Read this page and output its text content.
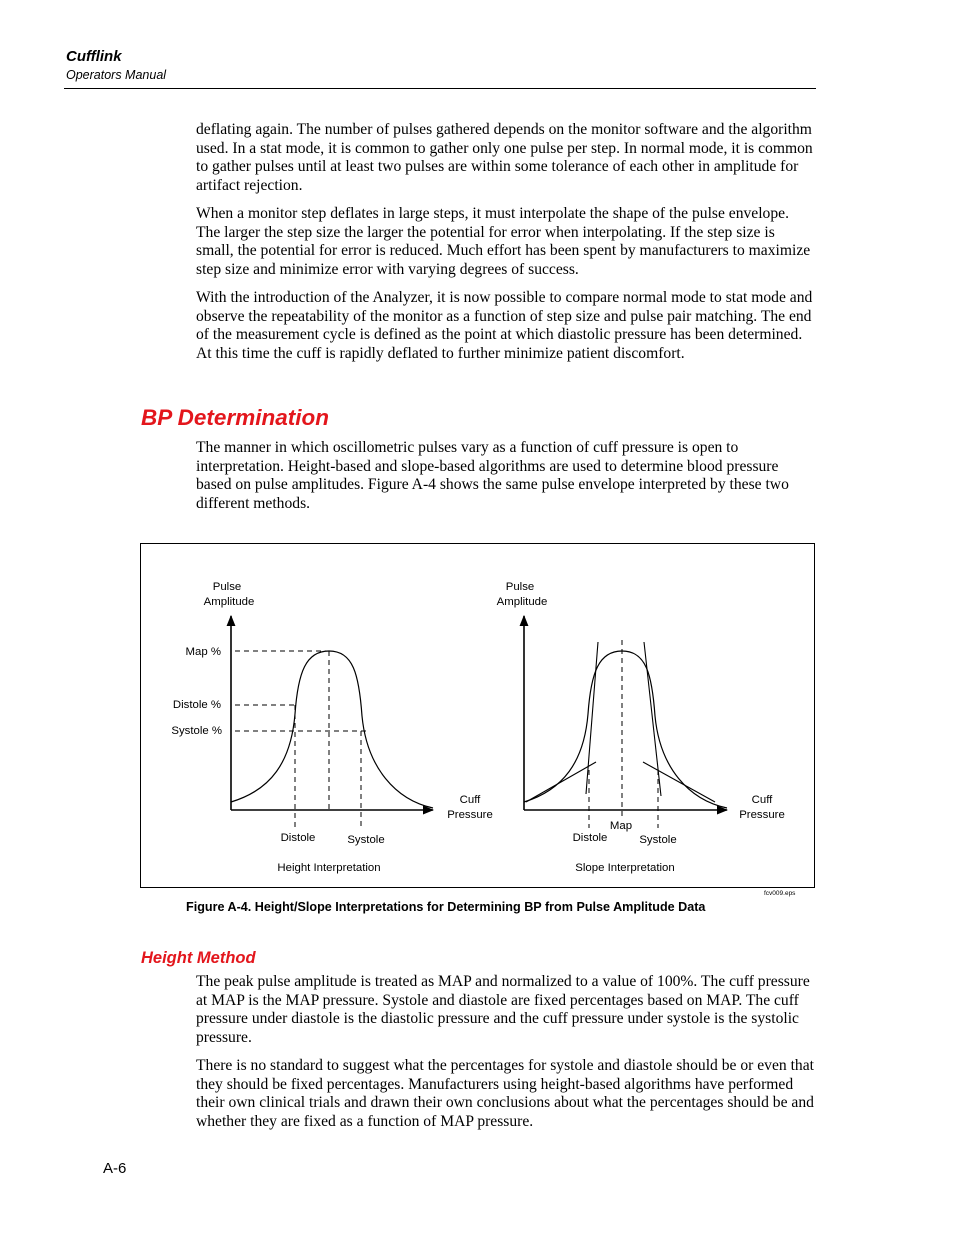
Cufflink
Operators Manual

deflating again. The number of pulses gathered depends on the monitor software and the algorithm used. In a stat mode, it is common to gather only one pulse per step. In normal mode, it is common to gather pulses until at least two pulses are within some tolerance of each other in amplitude for artifact rejection.

When a monitor step deflates in large steps, it must interpolate the shape of the pulse envelope. The larger the step size the larger the potential for error when interpolating. If the step size is small, the potential for error is reduced. Much effort has been spent by manufacturers to maximize step size and minimize error with varying degrees of success.

With the introduction of the Analyzer, it is now possible to compare normal mode to stat mode and observe the repeatability of the monitor as a function of step size and pulse pair matching. The end of the measurement cycle is defined as the point at which diastolic pressure has been determined. At this time the cuff is rapidly deflated to further minimize patient discomfort.

BP Determination

The manner in which oscillometric pulses vary as a function of cuff pressure is open to interpretation. Height-based and slope-based algorithms are used to determine blood pressure based on pulse amplitudes. Figure A-4 shows the same pulse envelope interpreted by these two different methods.

Pulse
Amplitude
Map %
Distole %
Systole %
Cuff
Pressure
Distole	Systole
Height Interpretation
Pulse
Amplitude
Cuff
Pressure
Map
Distole	Systole
Slope Interpretation
fcv009.eps
Figure A-4. Height/Slope Interpretations for Determining BP from Pulse Amplitude Data
Height Method

The peak pulse amplitude is treated as MAP and normalized to a value of 100%. The cuff pressure at MAP is the MAP pressure. Systole and diastole are fixed percentages based on MAP. The cuff pressure under diastole is the diastolic pressure and the cuff pressure under systole is the systolic pressure.

There is no standard to suggest what the percentages for systole and diastole should be or even that they should be fixed percentages. Manufacturers using height-based algorithms have performed their own clinical trials and drawn their own conclusions about what the percentages should be and whether they are fixed as a function of MAP pressure.

A-6
